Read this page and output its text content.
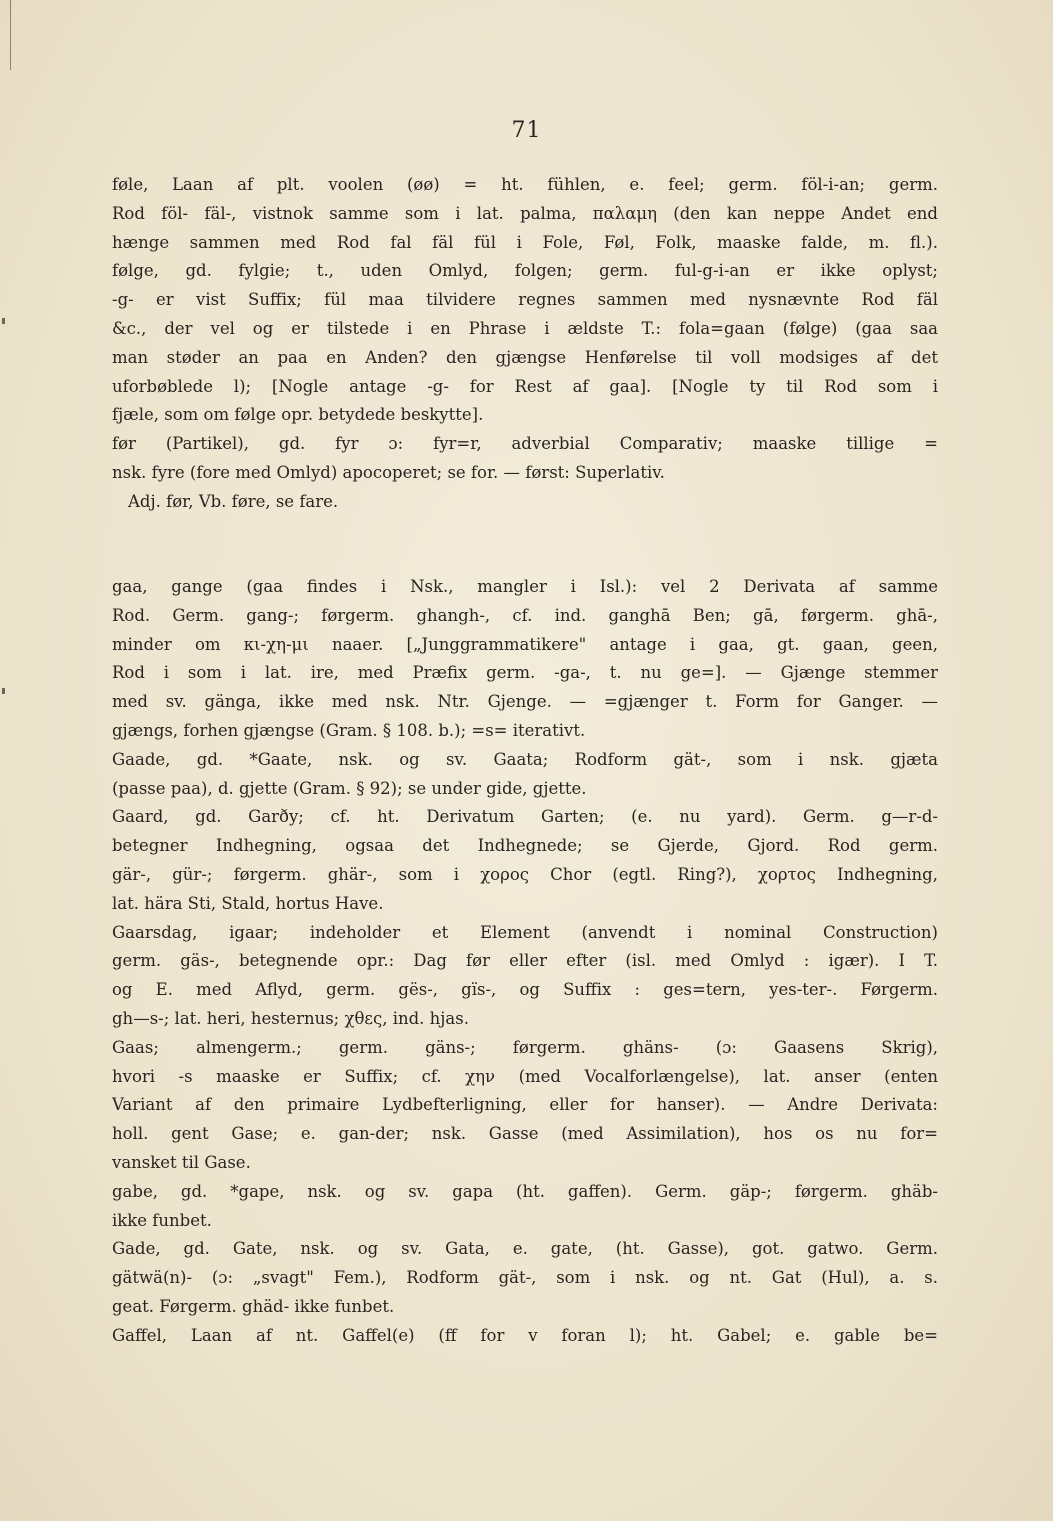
71
føle, Laan af plt. voolen (øø) = ht. fühlen, e. feel; germ. föl-i-an; germ.
Rod föl- fäl-, vistnok samme som i lat. palma, παλαμη (den kan neppe Andet end
hænge sammen med Rod fal fäl fül i Fole, Føl, Folk, maaske falde, m. fl.).
følge, gd. fylgie; t., uden Omlyd, folgen; germ. ful-g-i-an er ikke oplyst;
-g- er vist Suffix; fül maa tilvidere regnes sammen med nysnævnte Rod fäl
&c., der vel og er tilstede i en Phrase i ældste T.: fola=gaan (følge) (gaa saa
man støder an paa en Anden? den gjængse Henførelse til voll modsiges af det
uforbøblede l); [Nogle antage -g- for Rest af gaa]. [Nogle ty til Rod som i
fjæle, som om følge opr. betydede beskytte].
før (Partikel), gd. fyr ɔ: fyr=r, adverbial Comparativ; maaske tillige =
nsk. fyre (fore med Omlyd) apocoperet; se for. — først: Superlativ.
Adj. før, Vb. føre, se fare.
gaa, gange (gaa findes i Nsk., mangler i Isl.): vel 2 Derivata af samme
Rod. Germ. gang-; førgerm. ghangh-, cf. ind. ganghā Ben; gā, førgerm. ghā-,
minder om κι-χη-μι naaer. [„Junggrammatikere" antage i gaa, gt. gaan, geen,
Rod i som i lat. ire, med Præfix germ. -ga-, t. nu ge=]. — Gjænge stemmer
med sv. gänga, ikke med nsk. Ntr. Gjenge. — =gjænger t. Form for Ganger. —
gjængs, forhen gjængse (Gram. § 108. b.); =s= iterativt.
Gaade, gd. *Gaate, nsk. og sv. Gaata; Rodform gät-, som i nsk. gjæta
(passe paa), d. gjette (Gram. § 92); se under gide, gjette.
Gaard, gd. Garðy; cf. ht. Derivatum Garten; (e. nu yard). Germ. g—r-d-
betegner Indhegning, ogsaa det Indhegnede; se Gjerde, Gjord. Rod germ.
gär-, gür-; førgerm. ghär-, som i χορος Chor (egtl. Ring?), χορτος Indhegning,
lat. hära Sti, Stald, hortus Have.
Gaarsdag, igaar; indeholder et Element (anvendt i nominal Construction)
germ. gäs-, betegnende opr.: Dag før eller efter (isl. med Omlyd : igær). I T.
og E. med Aflyd, germ. gës-, gïs-, og Suffix : ges=tern, yes-ter-. Førgerm.
gh—s-; lat. heri, hesternus; χθες, ind. hjas.
Gaas; almengerm.; germ. gäns-; førgerm. ghäns- (ɔ: Gaasens Skrig),
hvori -s maaske er Suffix; cf. χην (med Vocalforlængelse), lat. anser (enten
Variant af den primaire Lydbefterligning, eller for hanser). — Andre Derivata:
holl. gent Gase; e. gan-der; nsk. Gasse (med Assimilation), hos os nu for=
vansket til Gase.
gabe, gd. *gape, nsk. og sv. gapa (ht. gaffen). Germ. gäp-; førgerm. ghäb-
ikke funbet.
Gade, gd. Gate, nsk. og sv. Gata, e. gate, (ht. Gasse), got. gatwo. Germ.
gätwä(n)- (ɔ: „svagt" Fem.), Rodform gät-, som i nsk. og nt. Gat (Hul), a. s.
geat. Førgerm. ghäd- ikke funbet.
Gaffel, Laan af nt. Gaffel(e) (ff for v foran l); ht. Gabel; e. gable be=
